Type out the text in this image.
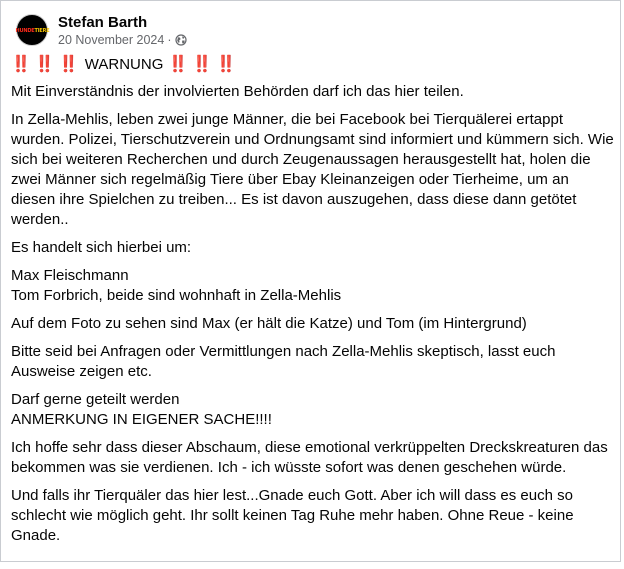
HUNDETIERE Stefan Barth
20 November 2024 ·

‼️ ‼️ ‼️ WARNUNG ‼️ ‼️ ‼️

Mit Einverständnis der involvierten Behörden darf ich das hier teilen.

In Zella-Mehlis, leben zwei junge Männer, die bei Facebook bei Tierquälerei ertappt wurden. Polizei, Tierschutzverein und Ordnungsamt sind informiert und kümmern sich. Wie sich bei weiteren Recherchen und durch Zeugenaussagen herausgestellt hat, holen die zwei Männer sich regelmäßig Tiere über Ebay Kleinanzeigen oder Tierheime, um an diesen ihre Spielchen zu treiben... Es ist davon auszugehen, dass diese dann getötet werden..

Es handelt sich hierbei um:

Max Fleischmann

Tom Forbrich, beide sind wohnhaft in Zella-Mehlis

Auf dem Foto zu sehen sind Max (er hält die Katze) und Tom (im Hintergrund)

Bitte seid bei Anfragen oder Vermittlungen nach Zella-Mehlis skeptisch, lasst euch Ausweise zeigen etc.

Darf gerne geteilt werden

ANMERKUNG IN EIGENER SACHE!!!!

Ich hoffe sehr dass dieser Abschaum, diese emotional verkrüppelten Dreckskreaturen das bekommen was sie verdienen. Ich - ich wüsste sofort was denen geschehen würde.

Und falls ihr Tierquäler das hier lest...Gnade euch Gott. Aber ich will dass es euch so schlecht wie möglich geht. Ihr sollt keinen Tag Ruhe mehr haben. Ohne Reue - keine Gnade.
